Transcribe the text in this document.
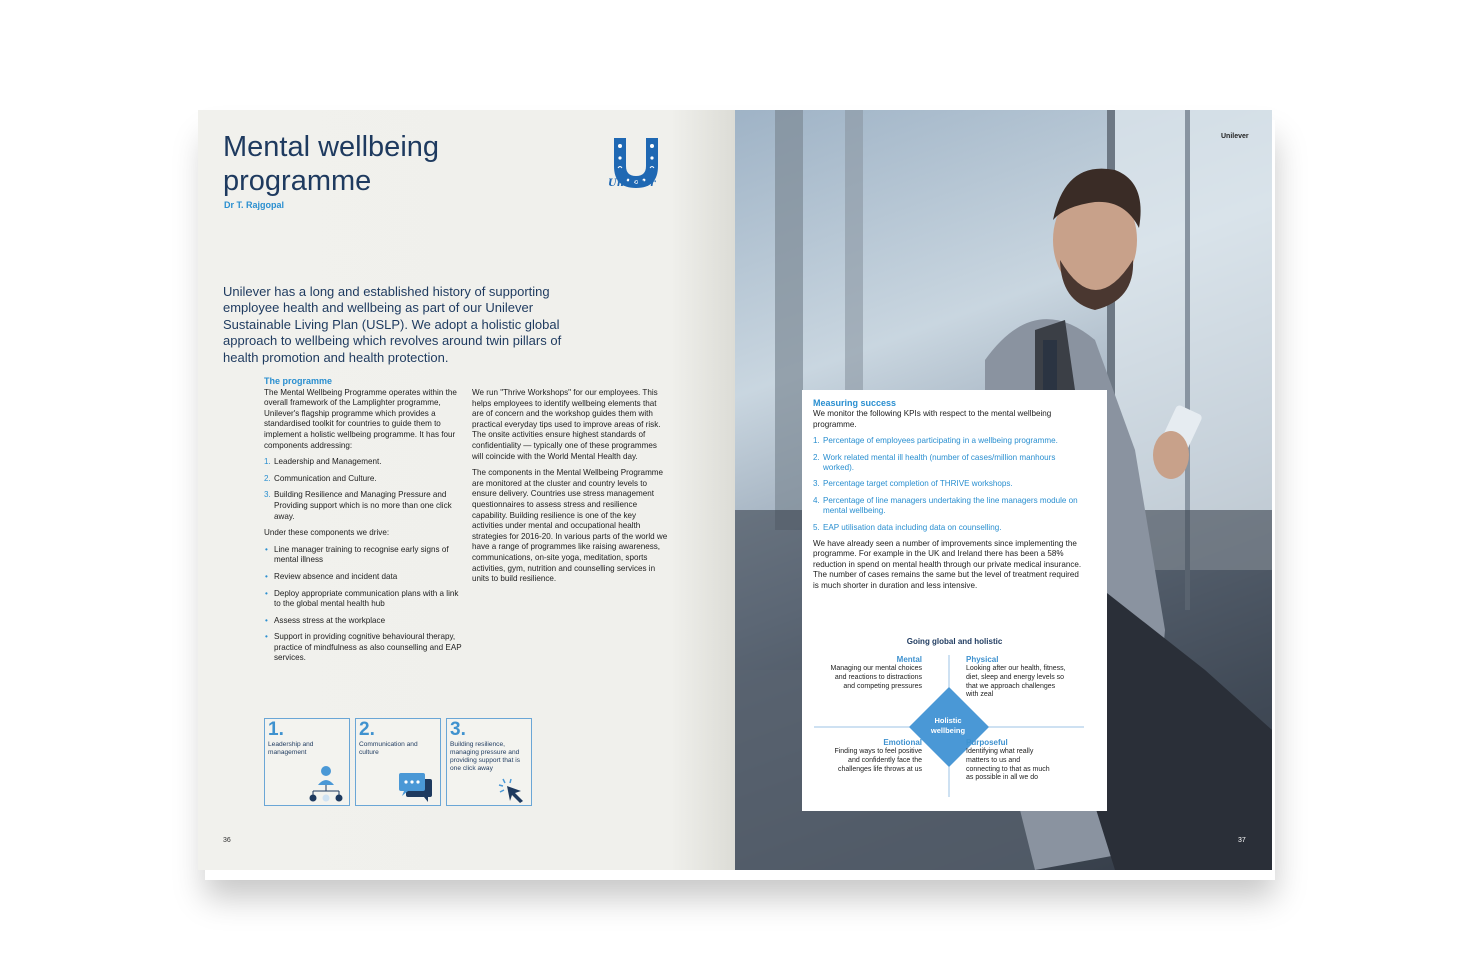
Mental wellbeing
programme
Dr T. Rajgopal
Unilever
Unilever has a long and established history of supporting employee health and wellbeing as part of our Unilever Sustainable Living Plan (USLP). We adopt a holistic global approach to wellbeing which revolves around twin pillars of health promotion and health protection.
The programme

The Mental Wellbeing Programme operates within the overall framework of the Lamplighter programme, Unilever's flagship programme which provides a standardised toolkit for countries to guide them to implement a holistic wellbeing programme. It has four components addressing:

1. Leadership and Management.
2. Communication and Culture.
3. Building Resilience and Managing Pressure and Providing support which is no more than one click away.

Under these components we drive:

• Line manager training to recognise early signs of mental illness
• Review absence and incident data
• Deploy appropriate communication plans with a link to the global mental health hub
• Assess stress at the workplace
• Support in providing cognitive behavioural therapy, practice of mindfulness as also counselling and EAP services.

We run "Thrive Workshops" for our employees. This helps employees to identify wellbeing elements that are of concern and the workshop guides them with practical everyday tips used to improve areas of risk. The onsite activities ensure highest standards of confidentiality — typically one of these programmes will coincide with the World Mental Health day.

The components in the Mental Wellbeing Programme are monitored at the cluster and country levels to ensure delivery. Countries use stress management questionnaires to assess stress and resilience capability. Building resilience is one of the key activities under mental and occupational health strategies for 2016-20. In various parts of the world we have a range of programmes like raising awareness, communications, on-site yoga, meditation, sports activities, gym, nutrition and counselling services in units to build resilience.

1.
Leadership and management
2.
Communication and culture
3.
Building resilience, managing pressure and providing support that is one click away
36
Unilever
Measuring success

We monitor the following KPIs with respect to the mental wellbeing programme.

1. Percentage of employees participating in a wellbeing programme.
2. Work related mental ill health (number of cases/million manhours worked).
3. Percentage target completion of THRIVE workshops.
4. Percentage of line managers undertaking the line managers module on mental wellbeing.
5. EAP utilisation data including data on counselling.

We have already seen a number of improvements since implementing the programme. For example in the UK and Ireland there has been a 58% reduction in spend on mental health through our private medical insurance. The number of cases remains the same but the level of treatment required is much shorter in duration and less intensive.

Going global and holistic
Holistic
wellbeing
Mental
Managing our mental choices and reactions to distractions and competing pressures
Physical
Looking after our health, fitness, diet, sleep and energy levels so that we approach challenges with zeal
Emotional
Finding ways to feel positive and confidently face the challenges life throws at us
Purposeful
Identifying what really matters to us and connecting to that as much as possible in all we do
37
